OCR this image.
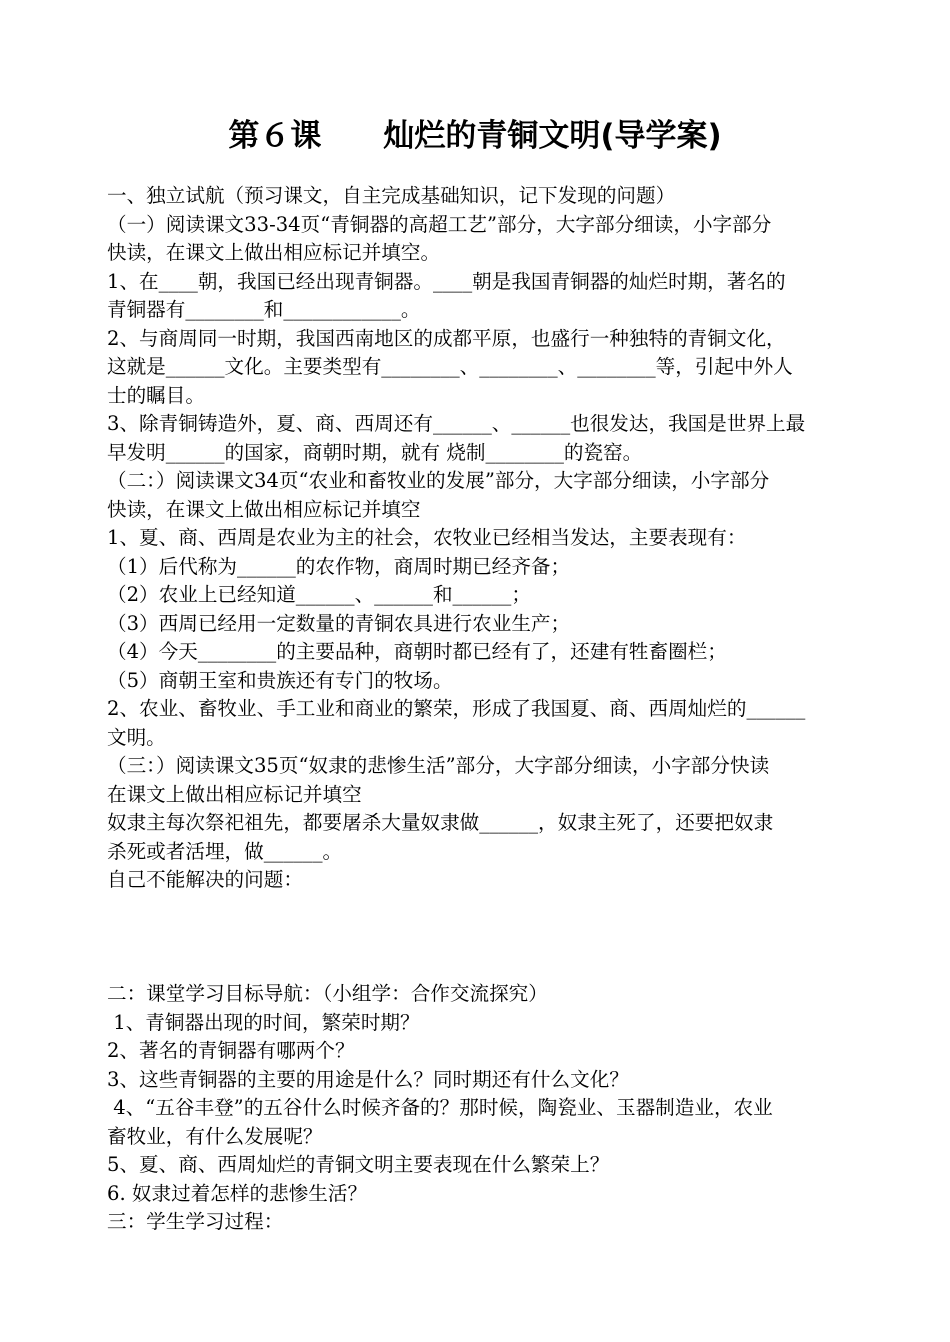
第６课　　灿烂的青铜文明(导学案)
一、独立试航（预习课文，自主完成基础知识，记下发现的问题）
（一）阅读课文33-34页“青铜器的高超工艺”部分，大字部分细读，小字部分
快读，在课文上做出相应标记并填空。
1、在____朝，我国已经出现青铜器。____朝是我国青铜器的灿烂时期，著名的
青铜器有________和____________。
2、与商周同一时期，我国西南地区的成都平原，也盛行一种独特的青铜文化，
这就是______文化。主要类型有________、________、________等，引起中外人
士的瞩目。
3、除青铜铸造外，夏、商、西周还有______、______也很发达，我国是世界上最
早发明______的国家，商朝时期，就有 烧制________的瓷窑。
（二：）阅读课文34页“农业和畜牧业的发展”部分，大字部分细读，小字部分
快读，在课文上做出相应标记并填空
1、夏、商、西周是农业为主的社会，农牧业已经相当发达，主要表现有：
（1）后代称为______的农作物，商周时期已经齐备；
（2）农业上已经知道______、______和______；
（3）西周已经用一定数量的青铜农具进行农业生产；
（4）今天________的主要品种，商朝时都已经有了，还建有牲畜圈栏；
（5）商朝王室和贵族还有专门的牧场。
2、农业、畜牧业、手工业和商业的繁荣，形成了我国夏、商、西周灿烂的______
文明。
（三：）阅读课文35页“奴隶的悲惨生活”部分，大字部分细读，小字部分快读
在课文上做出相应标记并填空
奴隶主每次祭祀祖先，都要屠杀大量奴隶做______，奴隶主死了，还要把奴隶
杀死或者活埋，做______。
自己不能解决的问题：
二：课堂学习目标导航：（小组学：合作交流探究）
1、青铜器出现的时间，繁荣时期？
2、著名的青铜器有哪两个？
3、这些青铜器的主要的用途是什么？同时期还有什么文化？
4、“五谷丰登”的五谷什么时候齐备的？那时候，陶瓷业、玉器制造业，农业
畜牧业，有什么发展呢？
5、夏、商、西周灿烂的青铜文明主要表现在什么繁荣上？
6. 奴隶过着怎样的悲惨生活？
三：学生学习过程：
